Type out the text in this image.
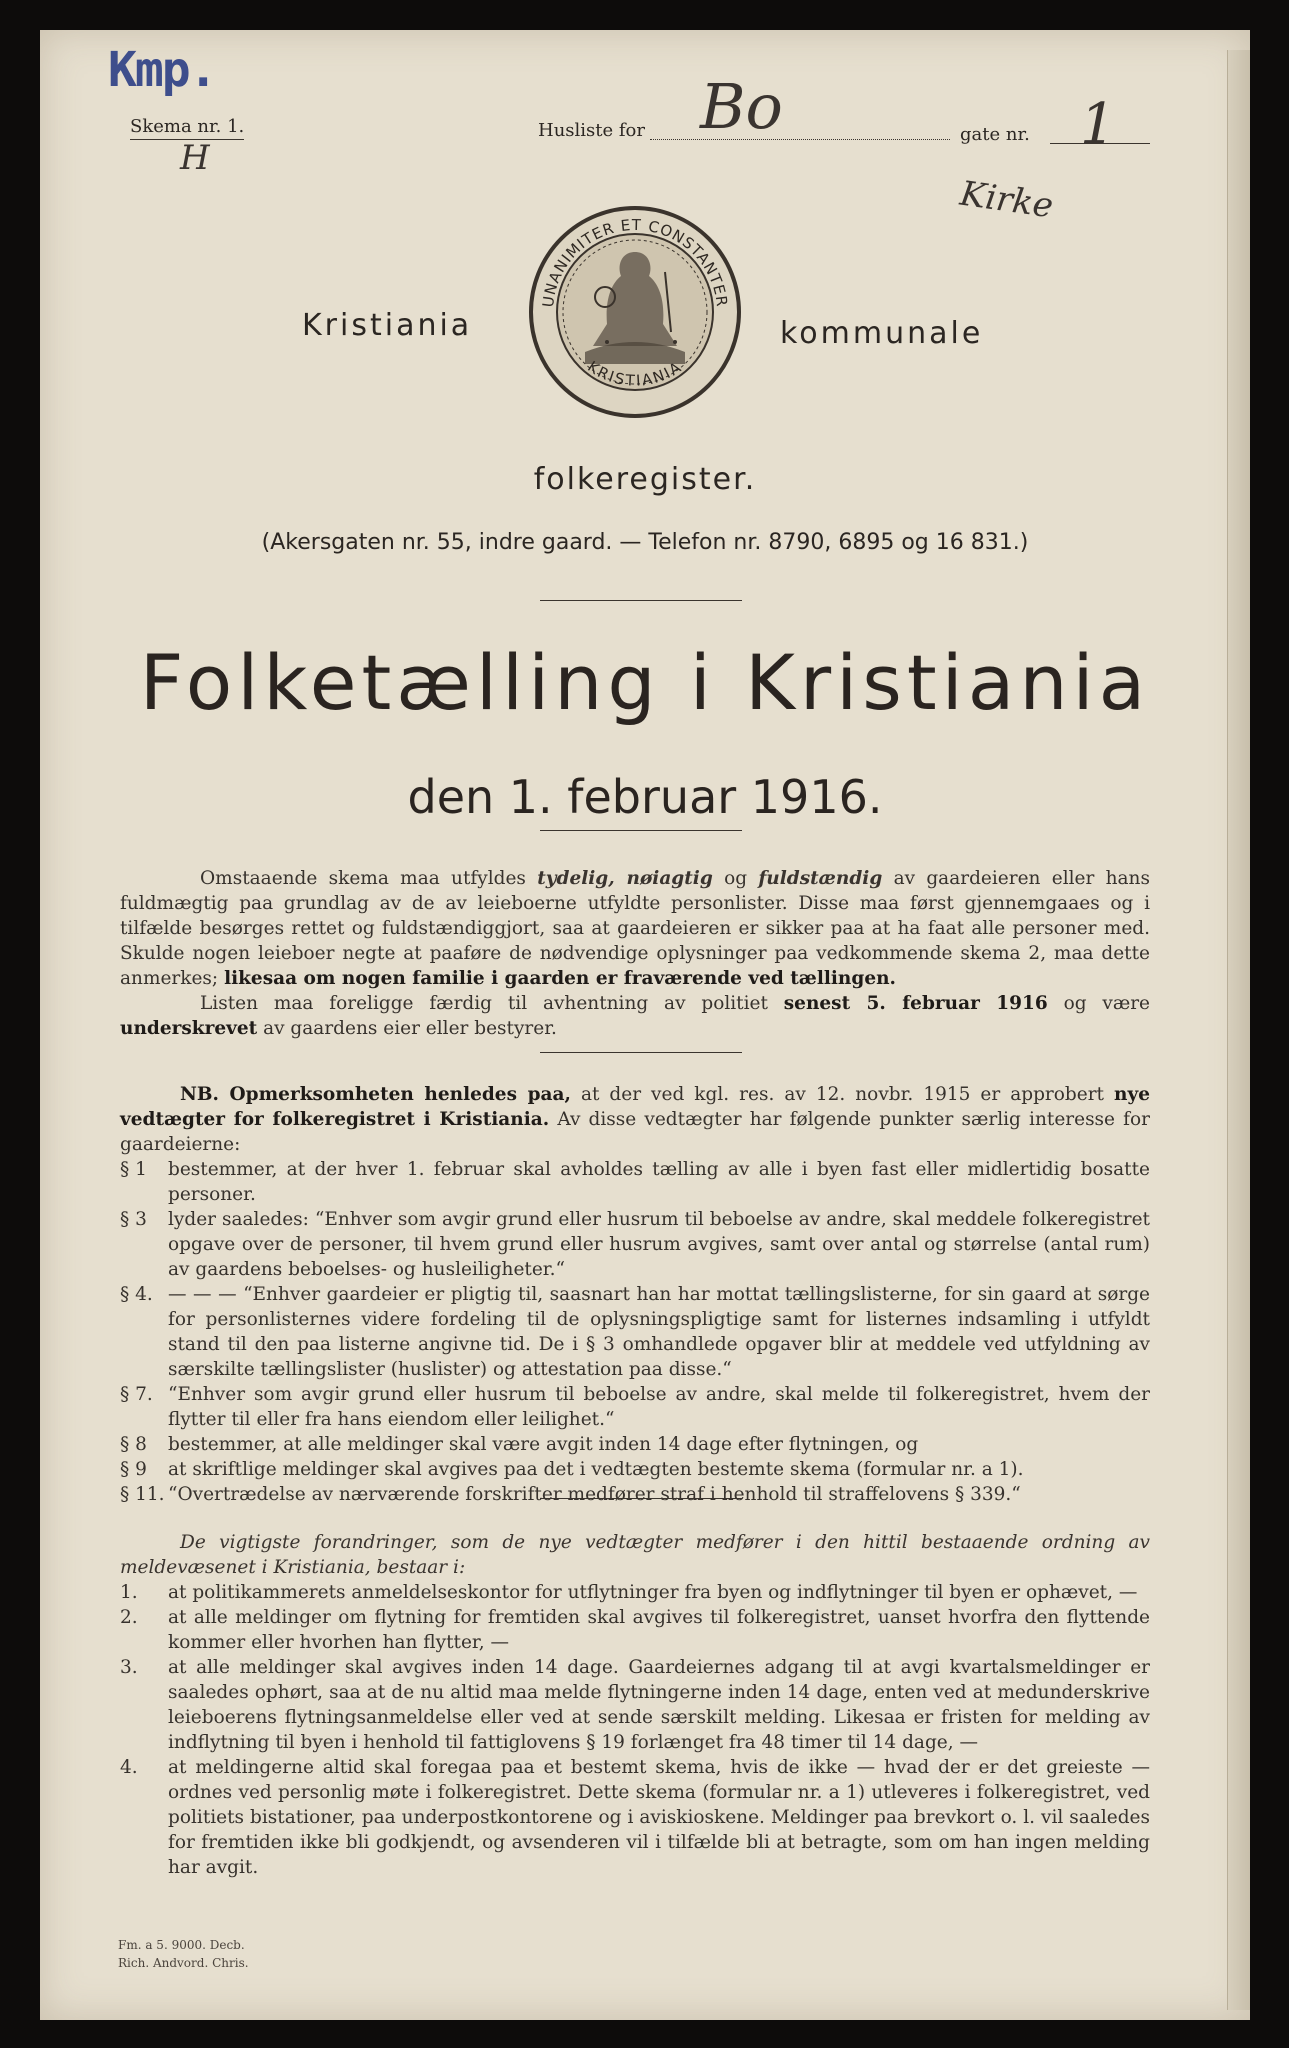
Kmp.
Skema nr. 1.
H
Husliste for Bo	gate nr. 1
Kirke
UNANIMITER ET CONSTANTER
KRISTIANIA
Kristiania	kommunale
folkeregister.
(Akersgaten nr. 55, indre gaard. — Telefon nr. 8790, 6895 og 16 831.)
Folketælling i Kristiania
den 1. februar 1916.
Omstaaende skema maa utfyldes tydelig, nøiagtig og fuldstændig av gaardeieren eller hans fuldmægtig paa grundlag av de av leieboerne utfyldte personlister. Disse maa først gjennemgaaes og i tilfælde besørges rettet og fuldstændiggjort, saa at gaardeieren er sikker paa at ha faat alle personer med. Skulde nogen leieboer negte at paaføre de nødvendige oplysninger paa vedkommende skema 2, maa dette anmerkes; likesaa om nogen familie i gaarden er fraværende ved tællingen.
Listen maa foreligge færdig til avhentning av politiet senest 5. februar 1916 og være underskrevet av gaardens eier eller bestyrer.
NB. Opmerksomheten henledes paa, at der ved kgl. res. av 12. novbr. 1915 er approbert nye vedtægter for folkeregistret i Kristiania. Av disse vedtægter har følgende punkter særlig interesse for gaardeierne:
§ 1 bestemmer, at der hver 1. februar skal avholdes tælling av alle i byen fast eller midlertidig bosatte personer.
§ 3 lyder saaledes: “Enhver som avgir grund eller husrum til beboelse av andre, skal meddele folkeregistret opgave over de personer, til hvem grund eller husrum avgives, samt over antal og størrelse (antal rum) av gaardens beboelses- og husleiligheter.“
§ 4. — — — “Enhver gaardeier er pligtig til, saasnart han har mottat tællingslisterne, for sin gaard at sørge for personlisternes videre fordeling til de oplysningspligtige samt for listernes indsamling i utfyldt stand til den paa listerne angivne tid. De i § 3 omhandlede opgaver blir at meddele ved utfyldning av særskilte tællingslister (huslister) og attestation paa disse.“
§ 7. “Enhver som avgir grund eller husrum til beboelse av andre, skal melde til folkeregistret, hvem der flytter til eller fra hans eiendom eller leilighet.“
§ 8 bestemmer, at alle meldinger skal være avgit inden 14 dage efter flytningen, og
§ 9 at skriftlige meldinger skal avgives paa det i vedtægten bestemte skema (formular nr. a 1).
§ 11. “Overtrædelse av nærværende forskrifter medfører straf i henhold til straffelovens § 339.“
De vigtigste forandringer, som de nye vedtægter medfører i den hittil bestaaende ordning av meldevæsenet i Kristiania, bestaar i:
1. at politikammerets anmeldelseskontor for utflytninger fra byen og indflytninger til byen er ophævet, —
2. at alle meldinger om flytning for fremtiden skal avgives til folkeregistret, uanset hvorfra den flyttende kommer eller hvorhen han flytter, —
3. at alle meldinger skal avgives inden 14 dage. Gaardeiernes adgang til at avgi kvartalsmeldinger er saaledes ophørt, saa at de nu altid maa melde flytningerne inden 14 dage, enten ved at medunderskrive leieboerens flytningsanmeldelse eller ved at sende særskilt melding. Likesaa er fristen for melding av indflytning til byen i henhold til fattiglovens § 19 forlænget fra 48 timer til 14 dage, —
4. at meldingerne altid skal foregaa paa et bestemt skema, hvis de ikke — hvad der er det greieste — ordnes ved personlig møte i folkeregistret. Dette skema (formular nr. a 1) utleveres i folkeregistret, ved politiets bistationer, paa underpostkontorene og i aviskioskene. Meldinger paa brevkort o. l. vil saaledes for fremtiden ikke bli godkjendt, og avsenderen vil i tilfælde bli at betragte, som om han ingen melding har avgit.
Fm. a 5. 9000. Decb.
Rich. Andvord. Chris.
